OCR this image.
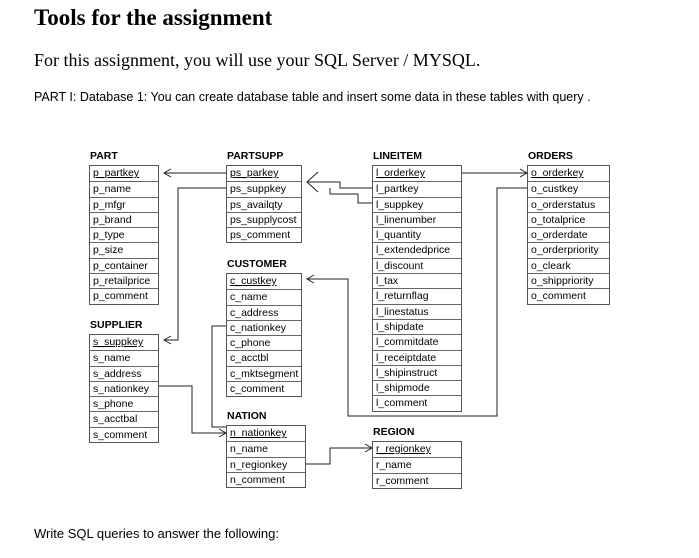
Tools for the assignment

For this assignment, you will use your SQL Server / MYSQL.

PART I: Database 1: You can create database table and insert some data in these tables with query .

PART
p_partkey
p_name
p_mfgr
p_brand
p_type
p_size
p_container
p_retailprice
p_comment
SUPPLIER
s_suppkey
s_name
s_address
s_nationkey
s_phone
s_acctbal
s_comment
PARTSUPP
ps_parkey
ps_suppkey
ps_availqty
ps_supplycost
ps_comment
CUSTOMER
c_custkey
c_name
c_address
c_nationkey
c_phone
c_acctbl
c_mktsegment
c_comment
NATION
n_nationkey
n_name
n_regionkey
n_comment
LINEITEM
l_orderkey
l_partkey
l_suppkey
l_linenumber
l_quantity
l_extendedprice
l_discount
l_tax
l_returnflag
l_linestatus
l_shipdate
l_commitdate
l_receiptdate
l_shipinstruct
l_shipmode
l_comment
REGION
r_regionkey
r_name
r_comment
ORDERS
o_orderkey
o_custkey
o_orderstatus
o_totalprice
o_orderdate
o_orderpriority
o_cleark
o_shippriority
o_comment

Write SQL queries to answer the following:
